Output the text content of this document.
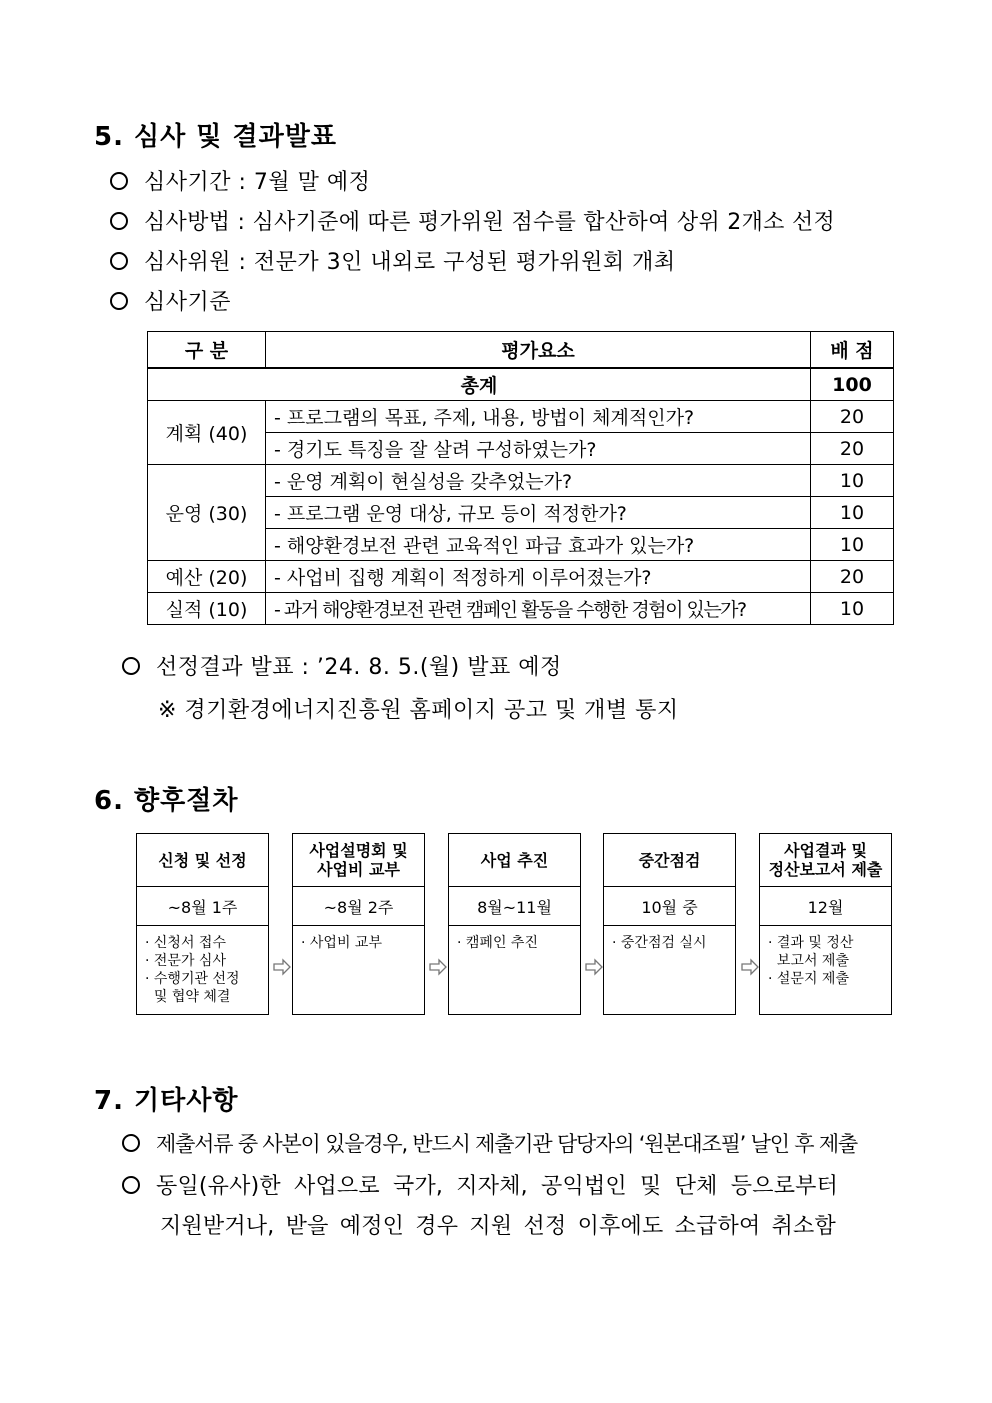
5. 심사 및 결과발표
심사기간 : 7월 말 예정
심사방법 : 심사기준에 따른 평가위원 점수를 합산하여 상위 2개소 선정
심사위원 : 전문가 3인 내외로 구성된 평가위원회 개최
심사기준
구 분	평가요소	배 점
총계		100
계획 (40)	- 프로그램의 목표, 주제, 내용, 방법이 체계적인가?	20
	- 경기도 특징을 잘 살려 구성하였는가?	20
운영 (30)	- 운영 계획이 현실성을 갖추었는가?	10
	- 프로그램 운영 대상, 규모 등이 적정한가?	10
	- 해양환경보전 관련 교육적인 파급 효과가 있는가?	10
예산 (20)	- 사업비 집행 계획이 적정하게 이루어졌는가?	20
실적 (10)	- 과거 해양환경보전 관련 캠페인 활동을 수행한 경험이 있는가?	10
선정결과 발표 : ’24. 8. 5.(월) 발표 예정
※ 경기환경에너지진흥원 홈페이지 공고 및 개별 통지
6. 향후절차
신청 및 선정
~8월 1주
· 신청서 접수
· 전문가 심사
· 수행기관 선정
및 협약 체결
사업설명회 및
사업비 교부
~8월 2주
· 사업비 교부
사업 추진
8월~11월
· 캠페인 추진
중간점검
10월 중
· 중간점검 실시
사업결과 및
정산보고서 제출
12월
· 결과 및 정산
보고서 제출
· 설문지 제출
7. 기타사항
제출서류 중 사본이 있을경우, 반드시 제출기관 담당자의 ‘원본대조필’ 날인 후 제출
동일(유사)한 사업으로 국가, 지자체, 공익법인 및 단체 등으로부터
지원받거나, 받을 예정인 경우 지원 선정 이후에도 소급하여 취소함
